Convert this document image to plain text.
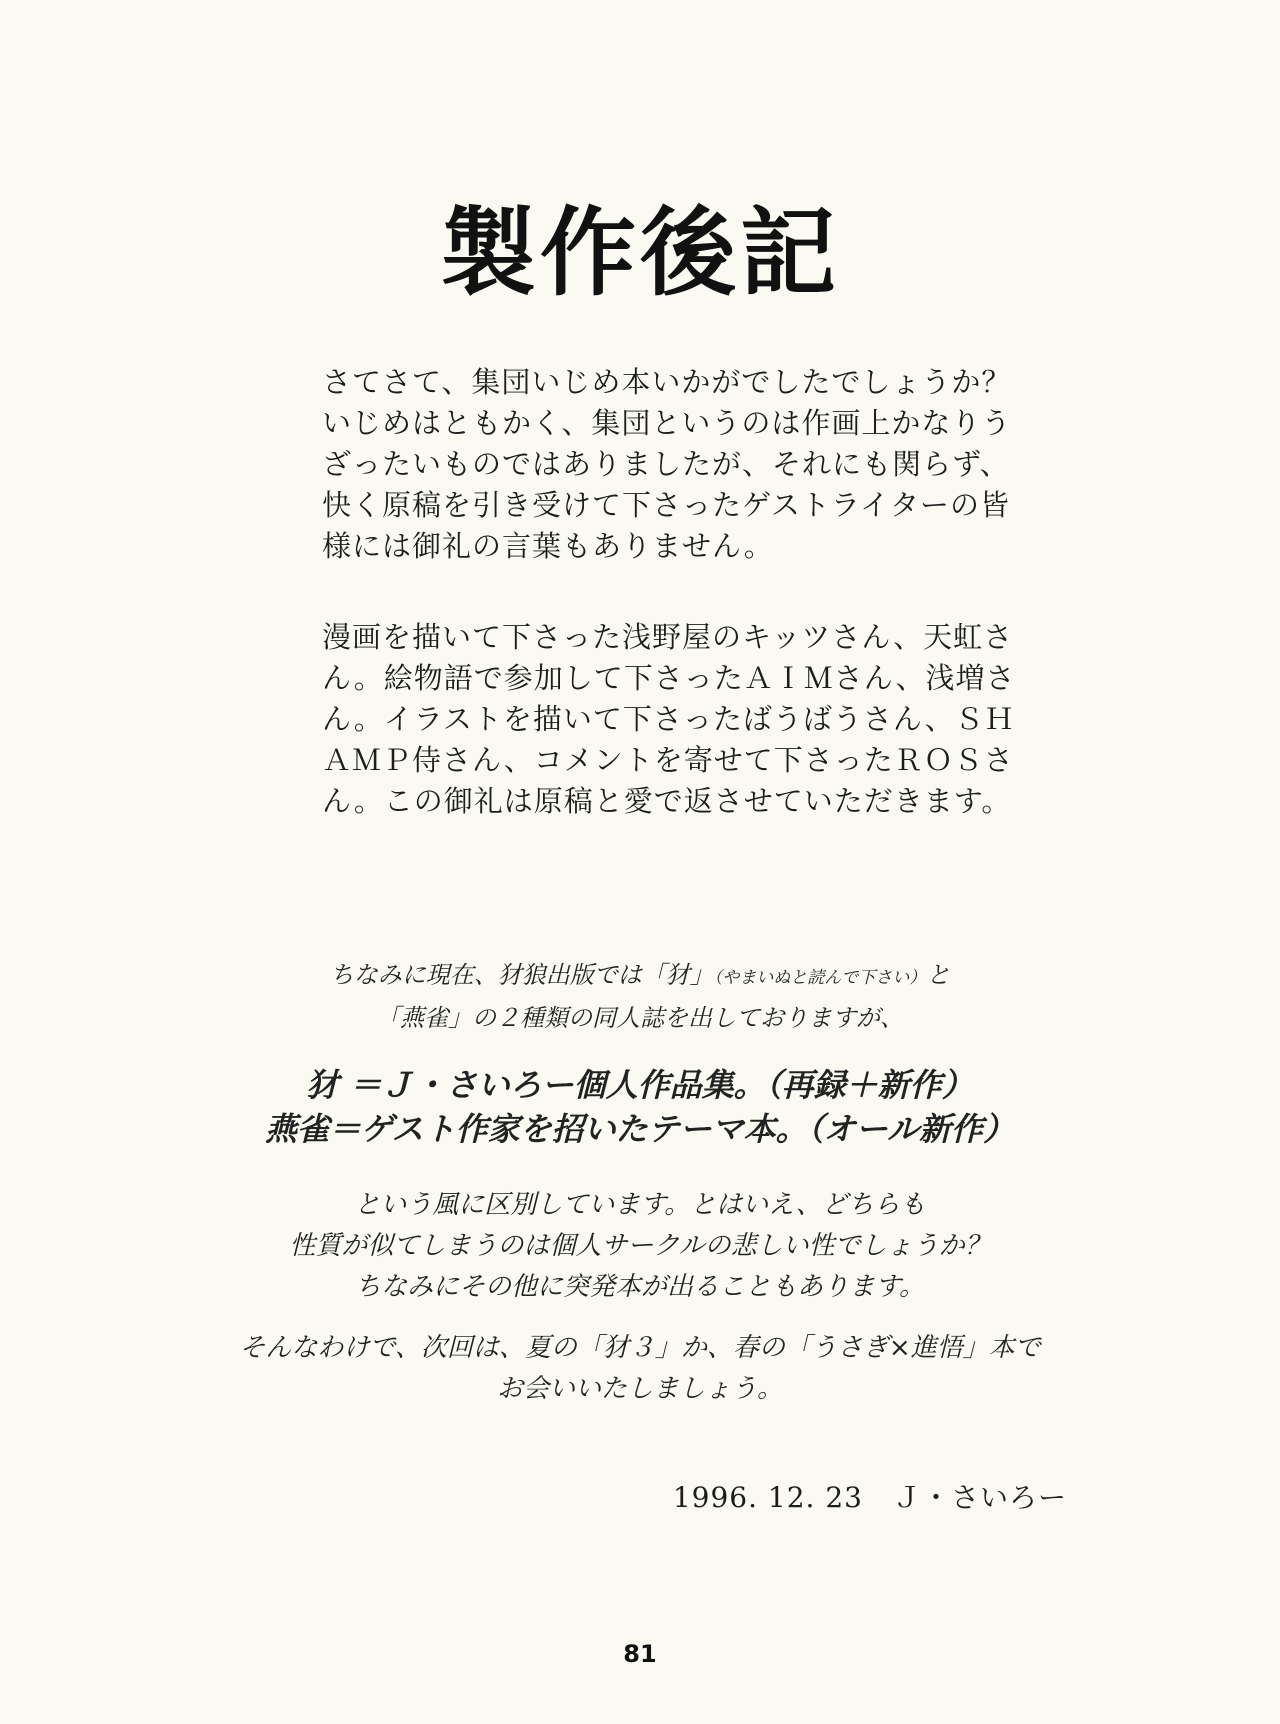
製作後記

さてさて、集団いじめ本いかがでしたでしょうか？

いじめはともかく、集団というのは作画上かなりう

ざったいものではありましたが、それにも関らず、

快く原稿を引き受けて下さったゲストライターの皆

様には御礼の言葉もありません。

漫画を描いて下さった浅野屋のキッツさん、天虹さ

ん。絵物語で参加して下さったＡＩＭさん、浅増さ

ん。イラストを描いて下さったばうばうさん、ＳＨ

ＡＭＰ侍さん、コメントを寄せて下さったＲＯＳさ

ん。この御礼は原稿と愛で返させていただきます。

ちなみに現在、犲狼出版では「犲」（やまいぬと読んで下さい）と

「燕雀」の２種類の同人誌を出しておりますが、

犲 ＝Ｊ・さいろー個人作品集。（再録＋新作）

燕雀＝ゲスト作家を招いたテーマ本。（オール新作）

という風に区別しています。とはいえ、どちらも

性質が似てしまうのは個人サークルの悲しい性でしょうか？

ちなみにその他に突発本が出ることもあります。

そんなわけで、次回は、夏の「犲３」か、春の「うさぎ×進悟」本で

お会いいたしましょう。

1996. 12. 23 Ｊ・さいろー
81
